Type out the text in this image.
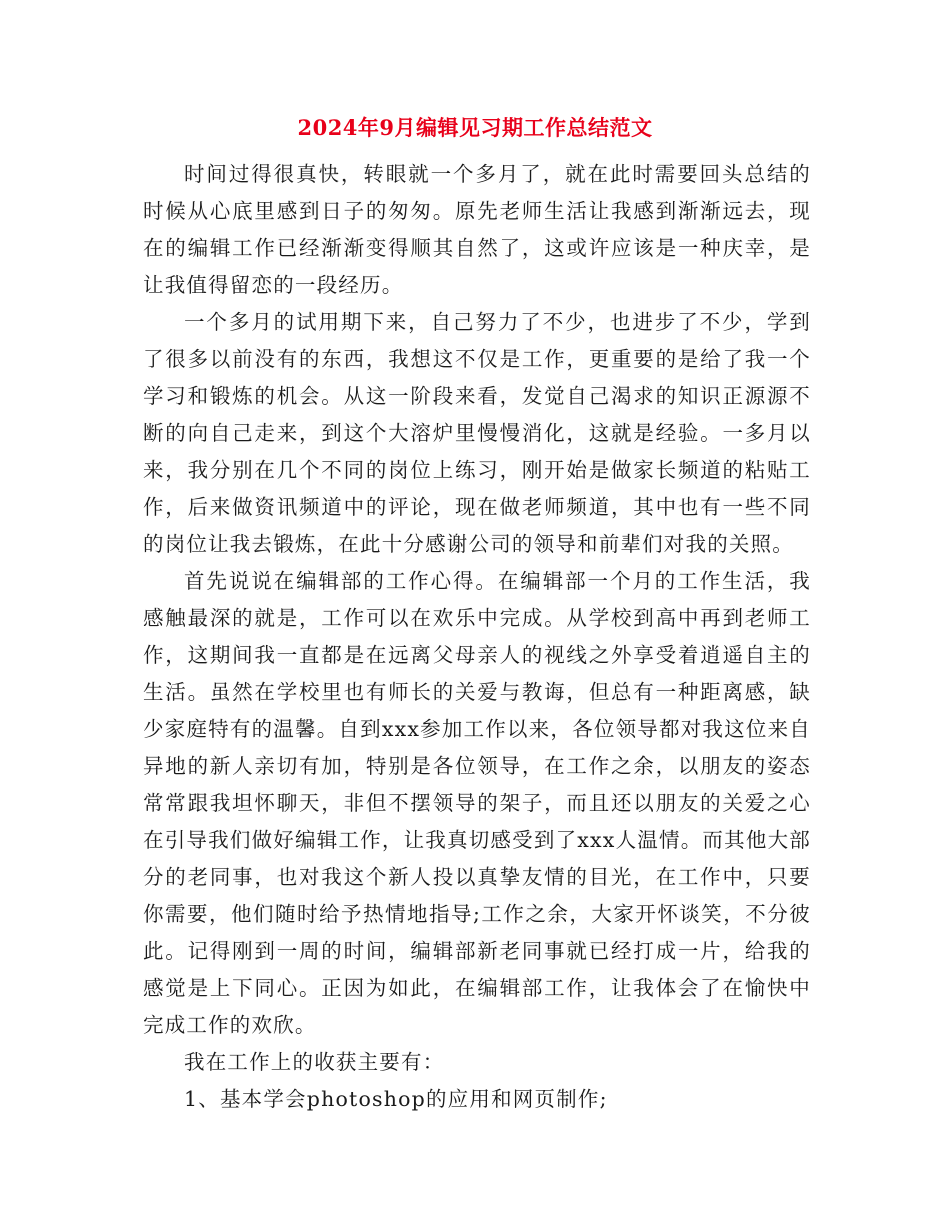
2024年9月编辑见习期工作总结范文

时间过得很真快，转眼就一个多月了，就在此时需要回头总结的时候从心底里感到日子的匆匆。原先老师生活让我感到渐渐远去，现在的编辑工作已经渐渐变得顺其自然了，这或许应该是一种庆幸，是让我值得留恋的一段经历。

一个多月的试用期下来，自己努力了不少，也进步了不少，学到了很多以前没有的东西，我想这不仅是工作，更重要的是给了我一个学习和锻炼的机会。从这一阶段来看，发觉自己渴求的知识正源源不断的向自己走来，到这个大溶炉里慢慢消化，这就是经验。一多月以来，我分别在几个不同的岗位上练习，刚开始是做家长频道的粘贴工作，后来做资讯频道中的评论，现在做老师频道，其中也有一些不同的岗位让我去锻炼，在此十分感谢公司的领导和前辈们对我的关照。

首先说说在编辑部的工作心得。在编辑部一个月的工作生活，我感触最深的就是，工作可以在欢乐中完成。从学校到高中再到老师工作，这期间我一直都是在远离父母亲人的视线之外享受着逍遥自主的生活。虽然在学校里也有师长的关爱与教诲，但总有一种距离感，缺少家庭特有的温馨。自到xxx参加工作以来，各位领导都对我这位来自异地的新人亲切有加，特别是各位领导，在工作之余，以朋友的姿态常常跟我坦怀聊天，非但不摆领导的架子，而且还以朋友的关爱之心在引导我们做好编辑工作，让我真切感受到了xxx人温情。而其他大部分的老同事，也对我这个新人投以真挚友情的目光，在工作中，只要你需要，他们随时给予热情地指导;工作之余，大家开怀谈笑，不分彼此。记得刚到一周的时间，编辑部新老同事就已经打成一片，给我的感觉是上下同心。正因为如此，在编辑部工作，让我体会了在愉快中完成工作的欢欣。

我在工作上的收获主要有：

1、基本学会photoshop的应用和网页制作;
